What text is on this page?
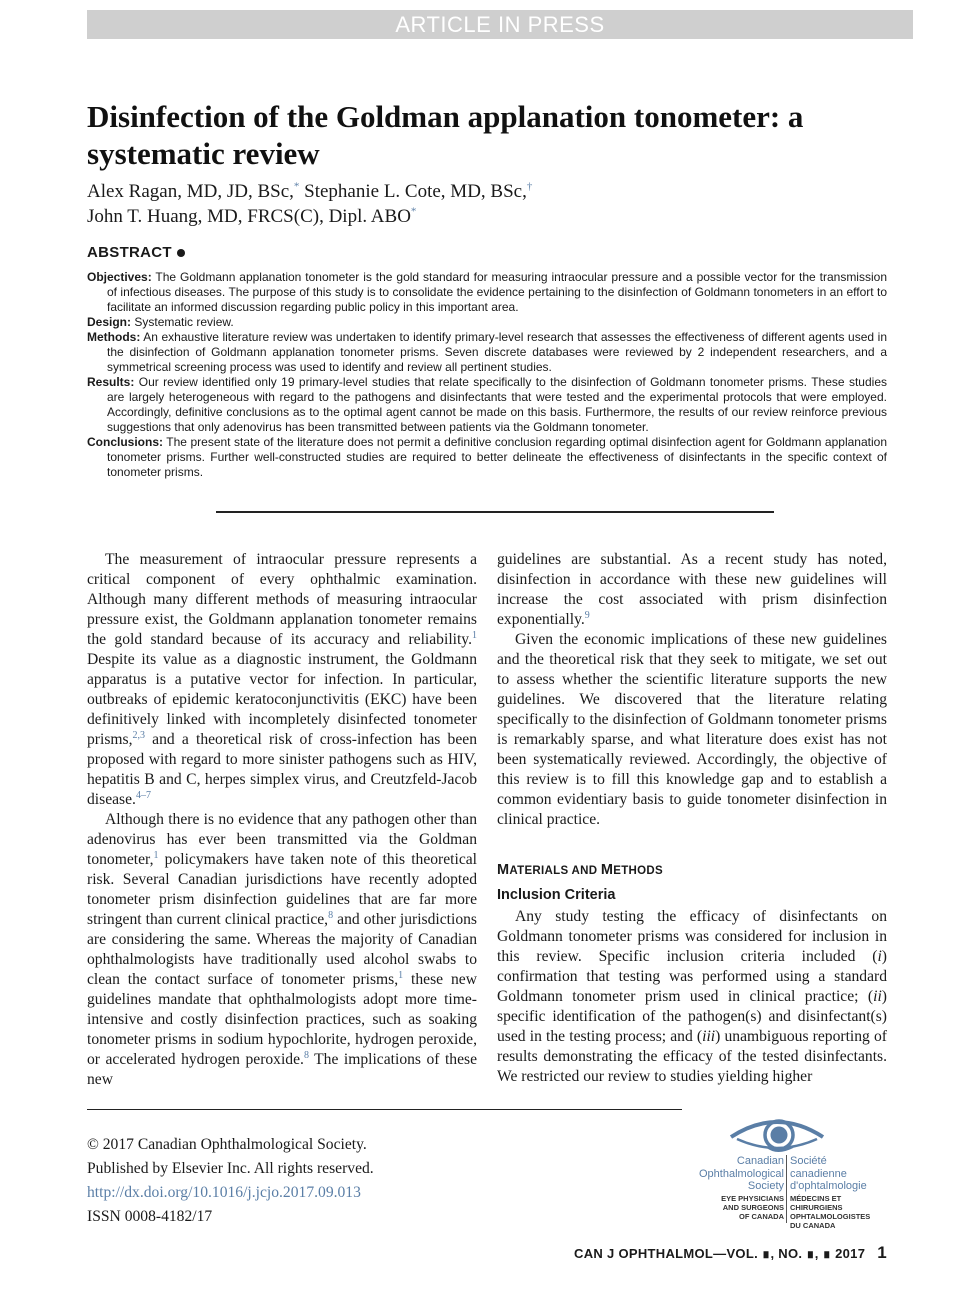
ARTICLE IN PRESS
Disinfection of the Goldman applanation tonometer: a systematic review
Alex Ragan, MD, JD, BSc,* Stephanie L. Cote, MD, BSc,†
John T. Huang, MD, FRCS(C), Dipl. ABO*
ABSTRACT

Objectives: The Goldmann applanation tonometer is the gold standard for measuring intraocular pressure and a possible vector for the transmission of infectious diseases. The purpose of this study is to consolidate the evidence pertaining to the disinfection of Goldmann tonometers in an effort to facilitate an informed discussion regarding public policy in this important area.

Design: Systematic review.

Methods: An exhaustive literature review was undertaken to identify primary-level research that assesses the effectiveness of different agents used in the disinfection of Goldmann applanation tonometer prisms. Seven discrete databases were reviewed by 2 independent researchers, and a symmetrical screening process was used to identify and review all pertinent studies.

Results: Our review identified only 19 primary-level studies that relate specifically to the disinfection of Goldmann tonometer prisms. These studies are largely heterogeneous with regard to the pathogens and disinfectants that were tested and the experimental protocols that were employed. Accordingly, definitive conclusions as to the optimal agent cannot be made on this basis. Furthermore, the results of our review reinforce previous suggestions that only adenovirus has been transmitted between patients via the Goldmann tonometer.

Conclusions: The present state of the literature does not permit a definitive conclusion regarding optimal disinfection agent for Goldmann applanation tonometer prisms. Further well-constructed studies are required to better delineate the effectiveness of disinfectants in the specific context of tonometer prisms.

The measurement of intraocular pressure represents a critical component of every ophthalmic examination. Although many different methods of measuring intraocular pressure exist, the Goldmann applanation tonometer remains the gold standard because of its accuracy and reliability.$^1$ Despite its value as a diagnostic instrument, the Goldmann apparatus is a putative vector for infection. In particular, outbreaks of epidemic keratoconjunctivitis (EKC) have been definitively linked with incompletely disinfected tonometer prisms,$^{2,3}$ and a theoretical risk of cross-infection has been proposed with regard to more sinister pathogens such as HIV, hepatitis B and C, herpes simplex virus, and Creutzfeld-Jacob disease.$^{4-7}$

Although there is no evidence that any pathogen other than adenovirus has ever been transmitted via the Goldman tonometer,$^1$ policymakers have taken note of this theoretical risk. Several Canadian jurisdictions have recently adopted tonometer prism disinfection guidelines that are far more stringent than current clinical practice,$^8$ and other jurisdictions are considering the same. Whereas the majority of Canadian ophthalmologists have traditionally used alcohol swabs to clean the contact surface of tonometer prisms,$^1$ these new guidelines mandate that ophthalmologists adopt more time-intensive and costly disinfection practices, such as soaking tonometer prisms in sodium hypochlorite, hydrogen peroxide, or accelerated hydrogen peroxide.$^8$ The implications of these new

guidelines are substantial. As a recent study has noted, disinfection in accordance with these new guidelines will increase the cost associated with prism disinfection exponentially.$^9$

Given the economic implications of these new guidelines and the theoretical risk that they seek to mitigate, we set out to assess whether the scientific literature supports the new guidelines. We discovered that the literature relating specifically to the disinfection of Goldmann tonometer prisms is remarkably sparse, and what literature does exist has not been systematically reviewed. Accordingly, the objective of this review is to fill this knowledge gap and to establish a common evidentiary basis to guide tonometer disinfection in clinical practice.

MATERIALS AND METHODS
Inclusion Criteria

Any study testing the efficacy of disinfectants on Goldmann tonometer prisms was considered for inclusion in this review. Specific inclusion criteria included (i) confirmation that testing was performed using a standard Goldmann tonometer prism used in clinical practice; (ii) specific identification of the pathogen(s) and disinfectant(s) used in the testing process; and (iii) unambiguous reporting of results demonstrating the efficacy of the tested disinfectants. We restricted our review to studies yielding higher

© 2017 Canadian Ophthalmological Society.
Published by Elsevier Inc. All rights reserved.
http://dx.doi.org/10.1016/j.jcjo.2017.09.013
ISSN 0008-4182/17
Canadian
Ophthalmological
Society
Société
canadienne
d'ophtalmologie
EYE PHYSICIANS
AND SURGEONS
OF CANADA
MÉDECINS ET CHIRURGIENS
OPHTALMOLOGISTES
DU CANADA
CAN J OPHTHALMOL—VOL. ∎, NO. ∎, ∎ 2017 1
